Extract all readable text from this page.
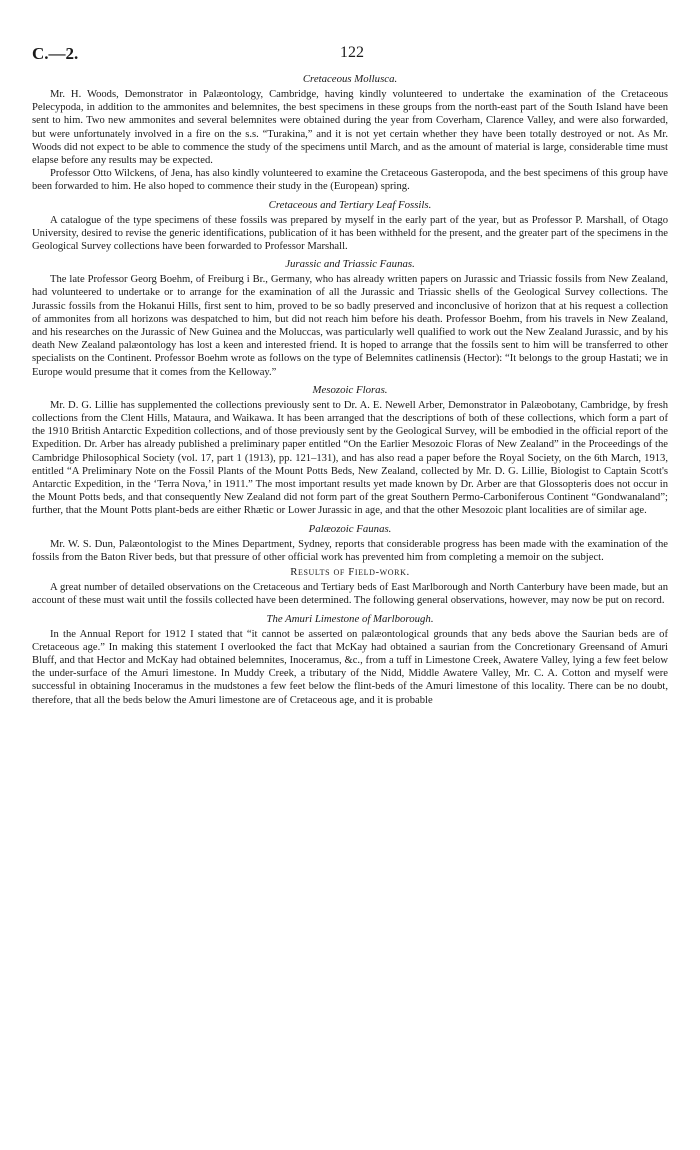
C.—2.	122
Cretaceous Mollusca.

Mr. H. Woods, Demonstrator in Palæontology, Cambridge, having kindly volunteered to undertake the examination of the Cretaceous Pelecypoda, in addition to the ammonites and belemnites, the best specimens in these groups from the north-east part of the South Island have been sent to him. Two new ammonites and several belemnites were obtained during the year from Coverham, Clarence Valley, and were also forwarded, but were unfortunately involved in a fire on the s.s. “Turakina,” and it is not yet certain whether they have been totally destroyed or not. As Mr. Woods did not expect to be able to commence the study of the specimens until March, and as the amount of material is large, considerable time must elapse before any results may be expected.

Professor Otto Wilckens, of Jena, has also kindly volunteered to examine the Cretaceous Gasteropoda, and the best specimens of this group have been forwarded to him. He also hoped to commence their study in the (European) spring.

Cretaceous and Tertiary Leaf Fossils.

A catalogue of the type specimens of these fossils was prepared by myself in the early part of the year, but as Professor P. Marshall, of Otago University, desired to revise the generic identifications, publication of it has been withheld for the present, and the greater part of the specimens in the Geological Survey collections have been forwarded to Professor Marshall.

Jurassic and Triassic Faunas.

The late Professor Georg Boehm, of Freiburg i Br., Germany, who has already written papers on Jurassic and Triassic fossils from New Zealand, had volunteered to undertake or to arrange for the examination of all the Jurassic and Triassic shells of the Geological Survey collections. The Jurassic fossils from the Hokanui Hills, first sent to him, proved to be so badly preserved and inconclusive of horizon that at his request a collection of ammonites from all horizons was despatched to him, but did not reach him before his death. Professor Boehm, from his travels in New Zealand, and his researches on the Jurassic of New Guinea and the Moluccas, was particularly well qualified to work out the New Zealand Jurassic, and by his death New Zealand palæontology has lost a keen and interested friend. It is hoped to arrange that the fossils sent to him will be transferred to other specialists on the Continent. Professor Boehm wrote as follows on the type of Belemnites catlinensis (Hector): “It belongs to the group Hastati; we in Europe would presume that it comes from the Kelloway.”

Mesozoic Floras.

Mr. D. G. Lillie has supplemented the collections previously sent to Dr. A. E. Newell Arber, Demonstrator in Palæobotany, Cambridge, by fresh collections from the Clent Hills, Mataura, and Waikawa. It has been arranged that the descriptions of both of these collections, which form a part of the 1910 British Antarctic Expedition collections, and of those previously sent by the Geological Survey, will be embodied in the official report of the Expedition. Dr. Arber has already published a preliminary paper entitled “On the Earlier Mesozoic Floras of New Zealand” in the Proceedings of the Cambridge Philosophical Society (vol. 17, part 1 (1913), pp. 121–131), and has also read a paper before the Royal Society, on the 6th March, 1913, entitled “A Preliminary Note on the Fossil Plants of the Mount Potts Beds, New Zealand, collected by Mr. D. G. Lillie, Biologist to Captain Scott's Antarctic Expedition, in the ‘Terra Nova,’ in 1911.” The most important results yet made known by Dr. Arber are that Glossopteris does not occur in the Mount Potts beds, and that consequently New Zealand did not form part of the great Southern Permo-Carboniferous Continent “Gondwanaland”; further, that the Mount Potts plant-beds are either Rhætic or Lower Jurassic in age, and that the other Mesozoic plant localities are of similar age.

Palæozoic Faunas.

Mr. W. S. Dun, Palæontologist to the Mines Department, Sydney, reports that considerable progress has been made with the examination of the fossils from the Baton River beds, but that pressure of other official work has prevented him from completing a memoir on the subject.

Results of Field-work.

A great number of detailed observations on the Cretaceous and Tertiary beds of East Marlborough and North Canterbury have been made, but an account of these must wait until the fossils collected have been determined. The following general observations, however, may now be put on record.

The Amuri Limestone of Marlborough.

In the Annual Report for 1912 I stated that “it cannot be asserted on palæontological grounds that any beds above the Saurian beds are of Cretaceous age.” In making this statement I overlooked the fact that McKay had obtained a saurian from the Concretionary Greensand of Amuri Bluff, and that Hector and McKay had obtained belemnites, Inoceramus, &c., from a tuff in Limestone Creek, Awatere Valley, lying a few feet below the under-surface of the Amuri limestone. In Muddy Creek, a tributary of the Nidd, Middle Awatere Valley, Mr. C. A. Cotton and myself were successful in obtaining Inoceramus in the mudstones a few feet below the flint-beds of the Amuri limestone of this locality. There can be no doubt, therefore, that all the beds below the Amuri limestone are of Cretaceous age, and it is probable
